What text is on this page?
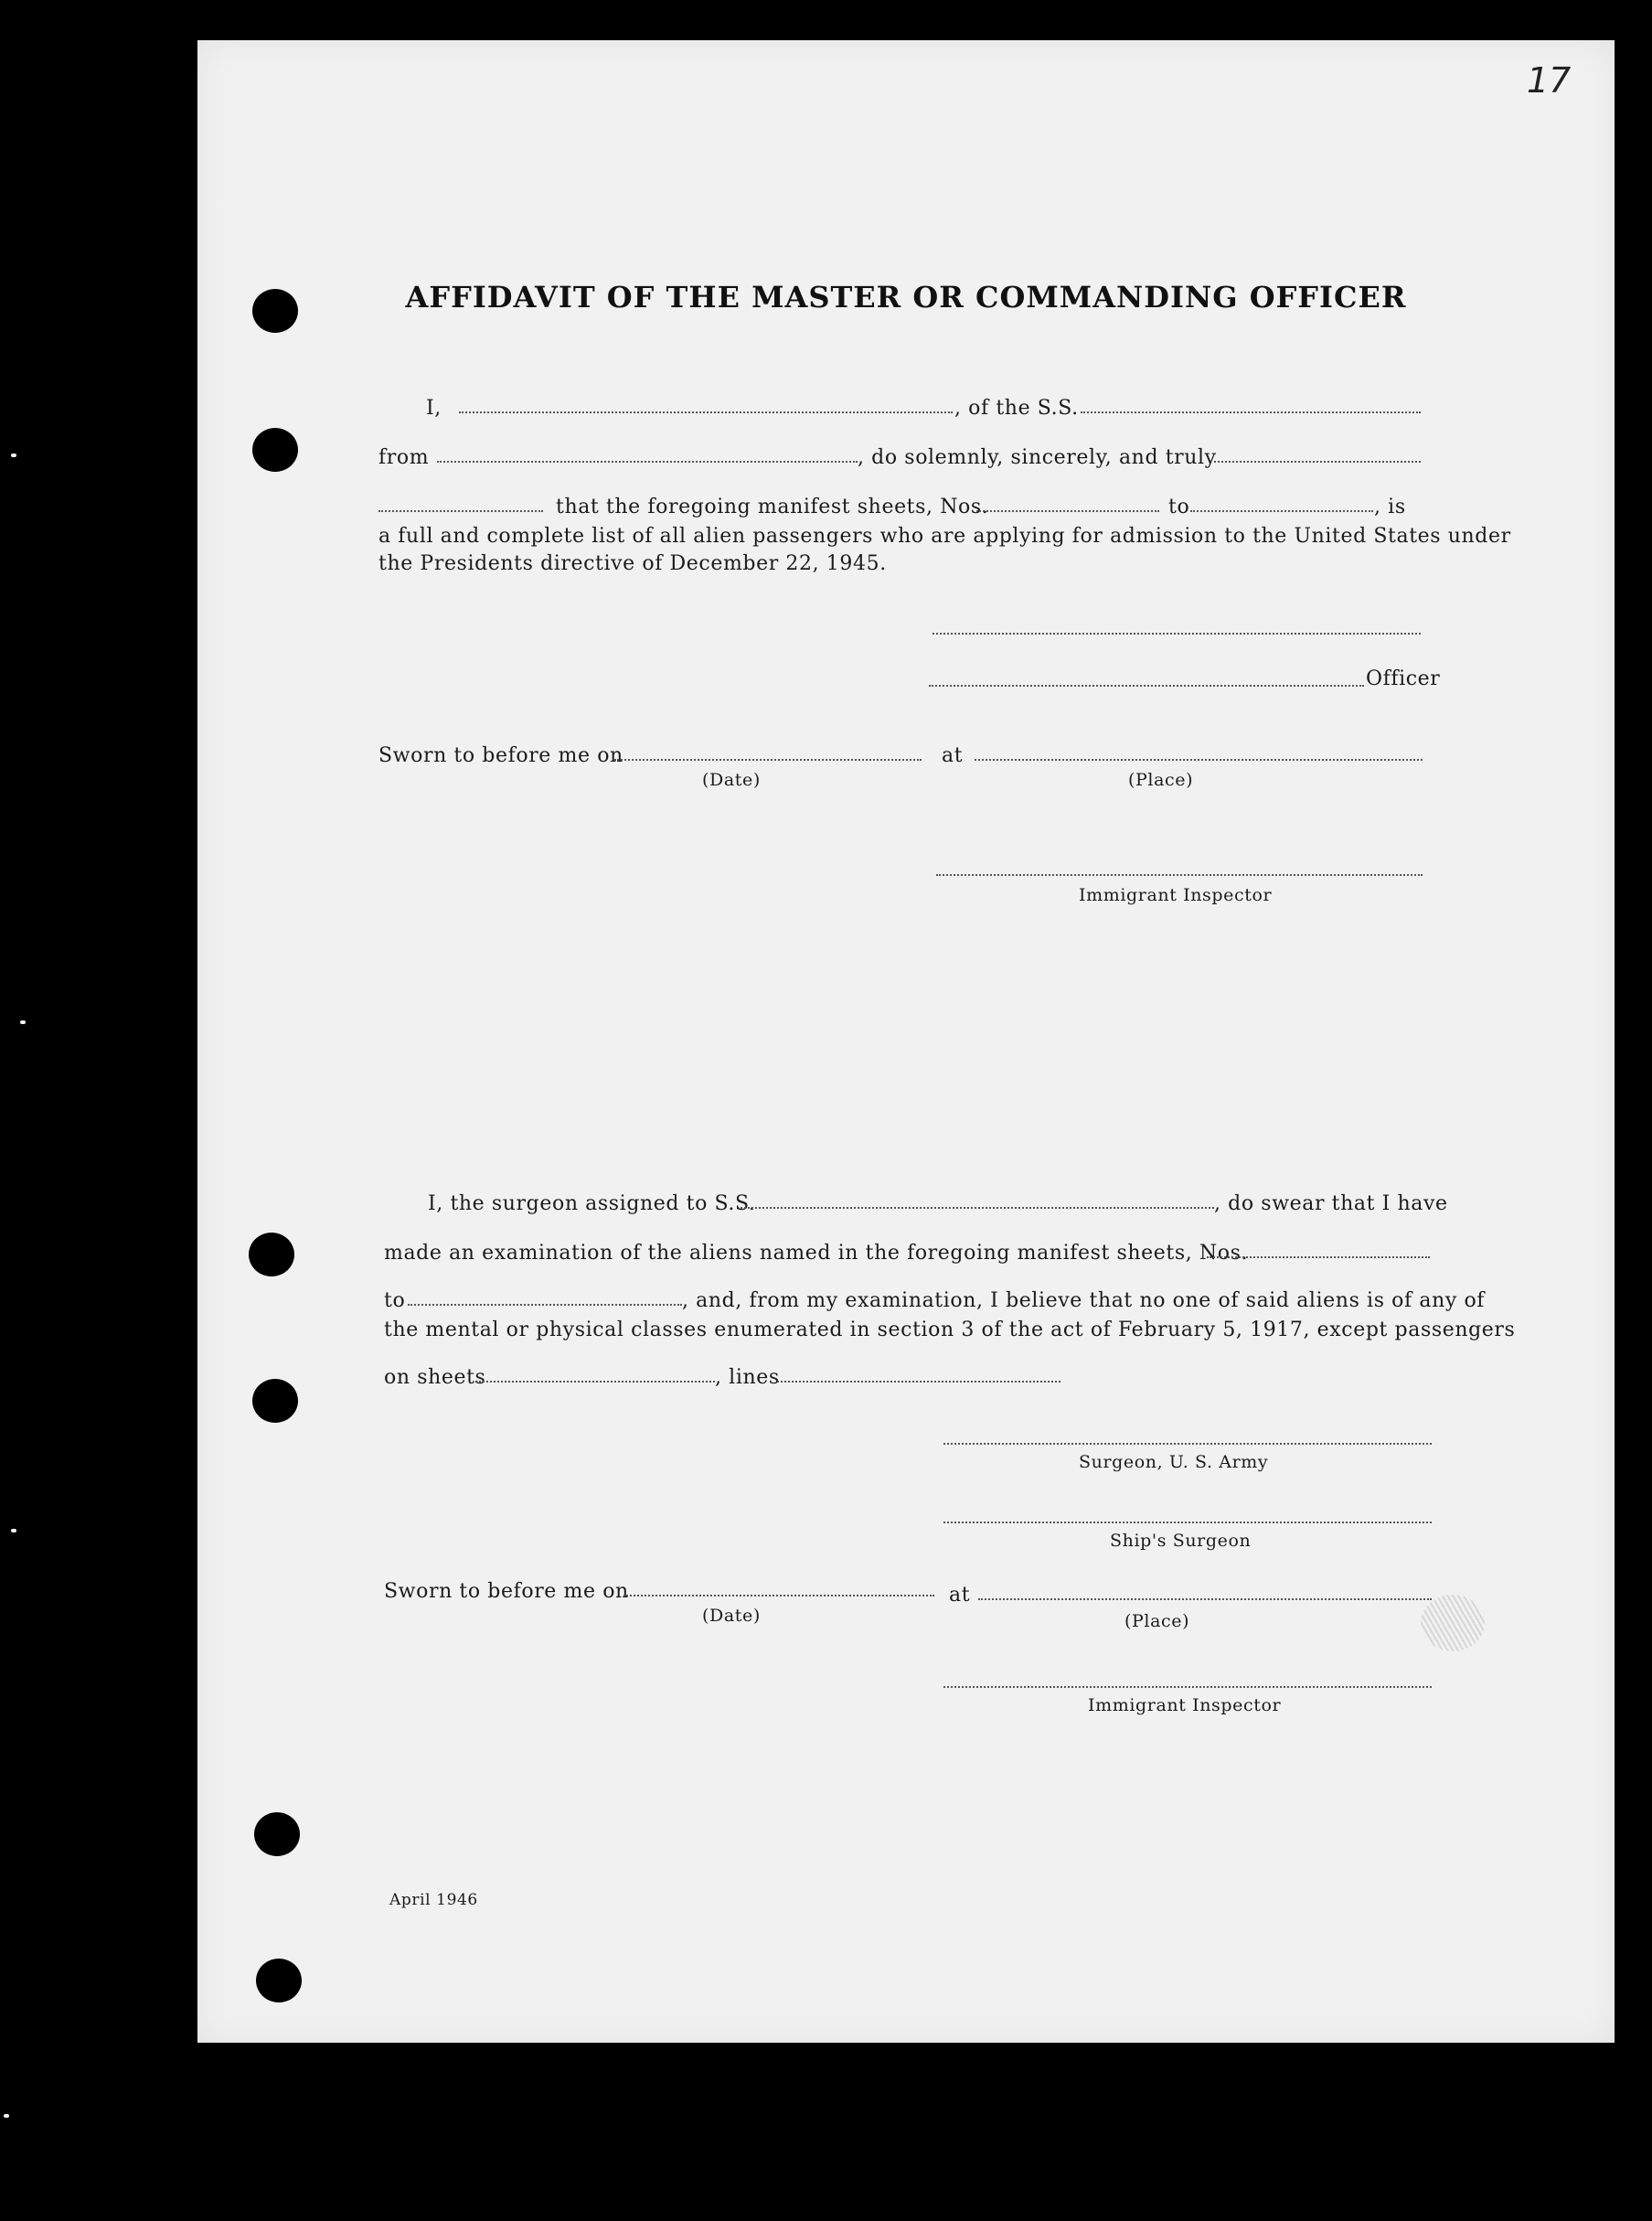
17
AFFIDAVIT OF THE MASTER OR COMMANDING OFFICER
I,	, of the S.S.
from	, do solemnly, sincerely, and truly
that the foregoing manifest sheets, Nos.	to	, is
a full and complete list of all alien passengers who are applying for admission to the United States under
the Presidents directive of December 22, 1945.
Officer
Sworn to before me on	at
(Date)	(Place)
Immigrant Inspector
I, the surgeon assigned to S.S.	, do swear that I have
made an examination of the aliens named in the foregoing manifest sheets, Nos.
to	, and, from my examination, I believe that no one of said aliens is of any of
the mental or physical classes enumerated in section 3 of the act of February 5, 1917, except passengers
on sheets	, lines
Surgeon, U. S. Army
Ship's Surgeon
Sworn to before me on	at
(Date)	(Place)
Immigrant Inspector
April 1946
